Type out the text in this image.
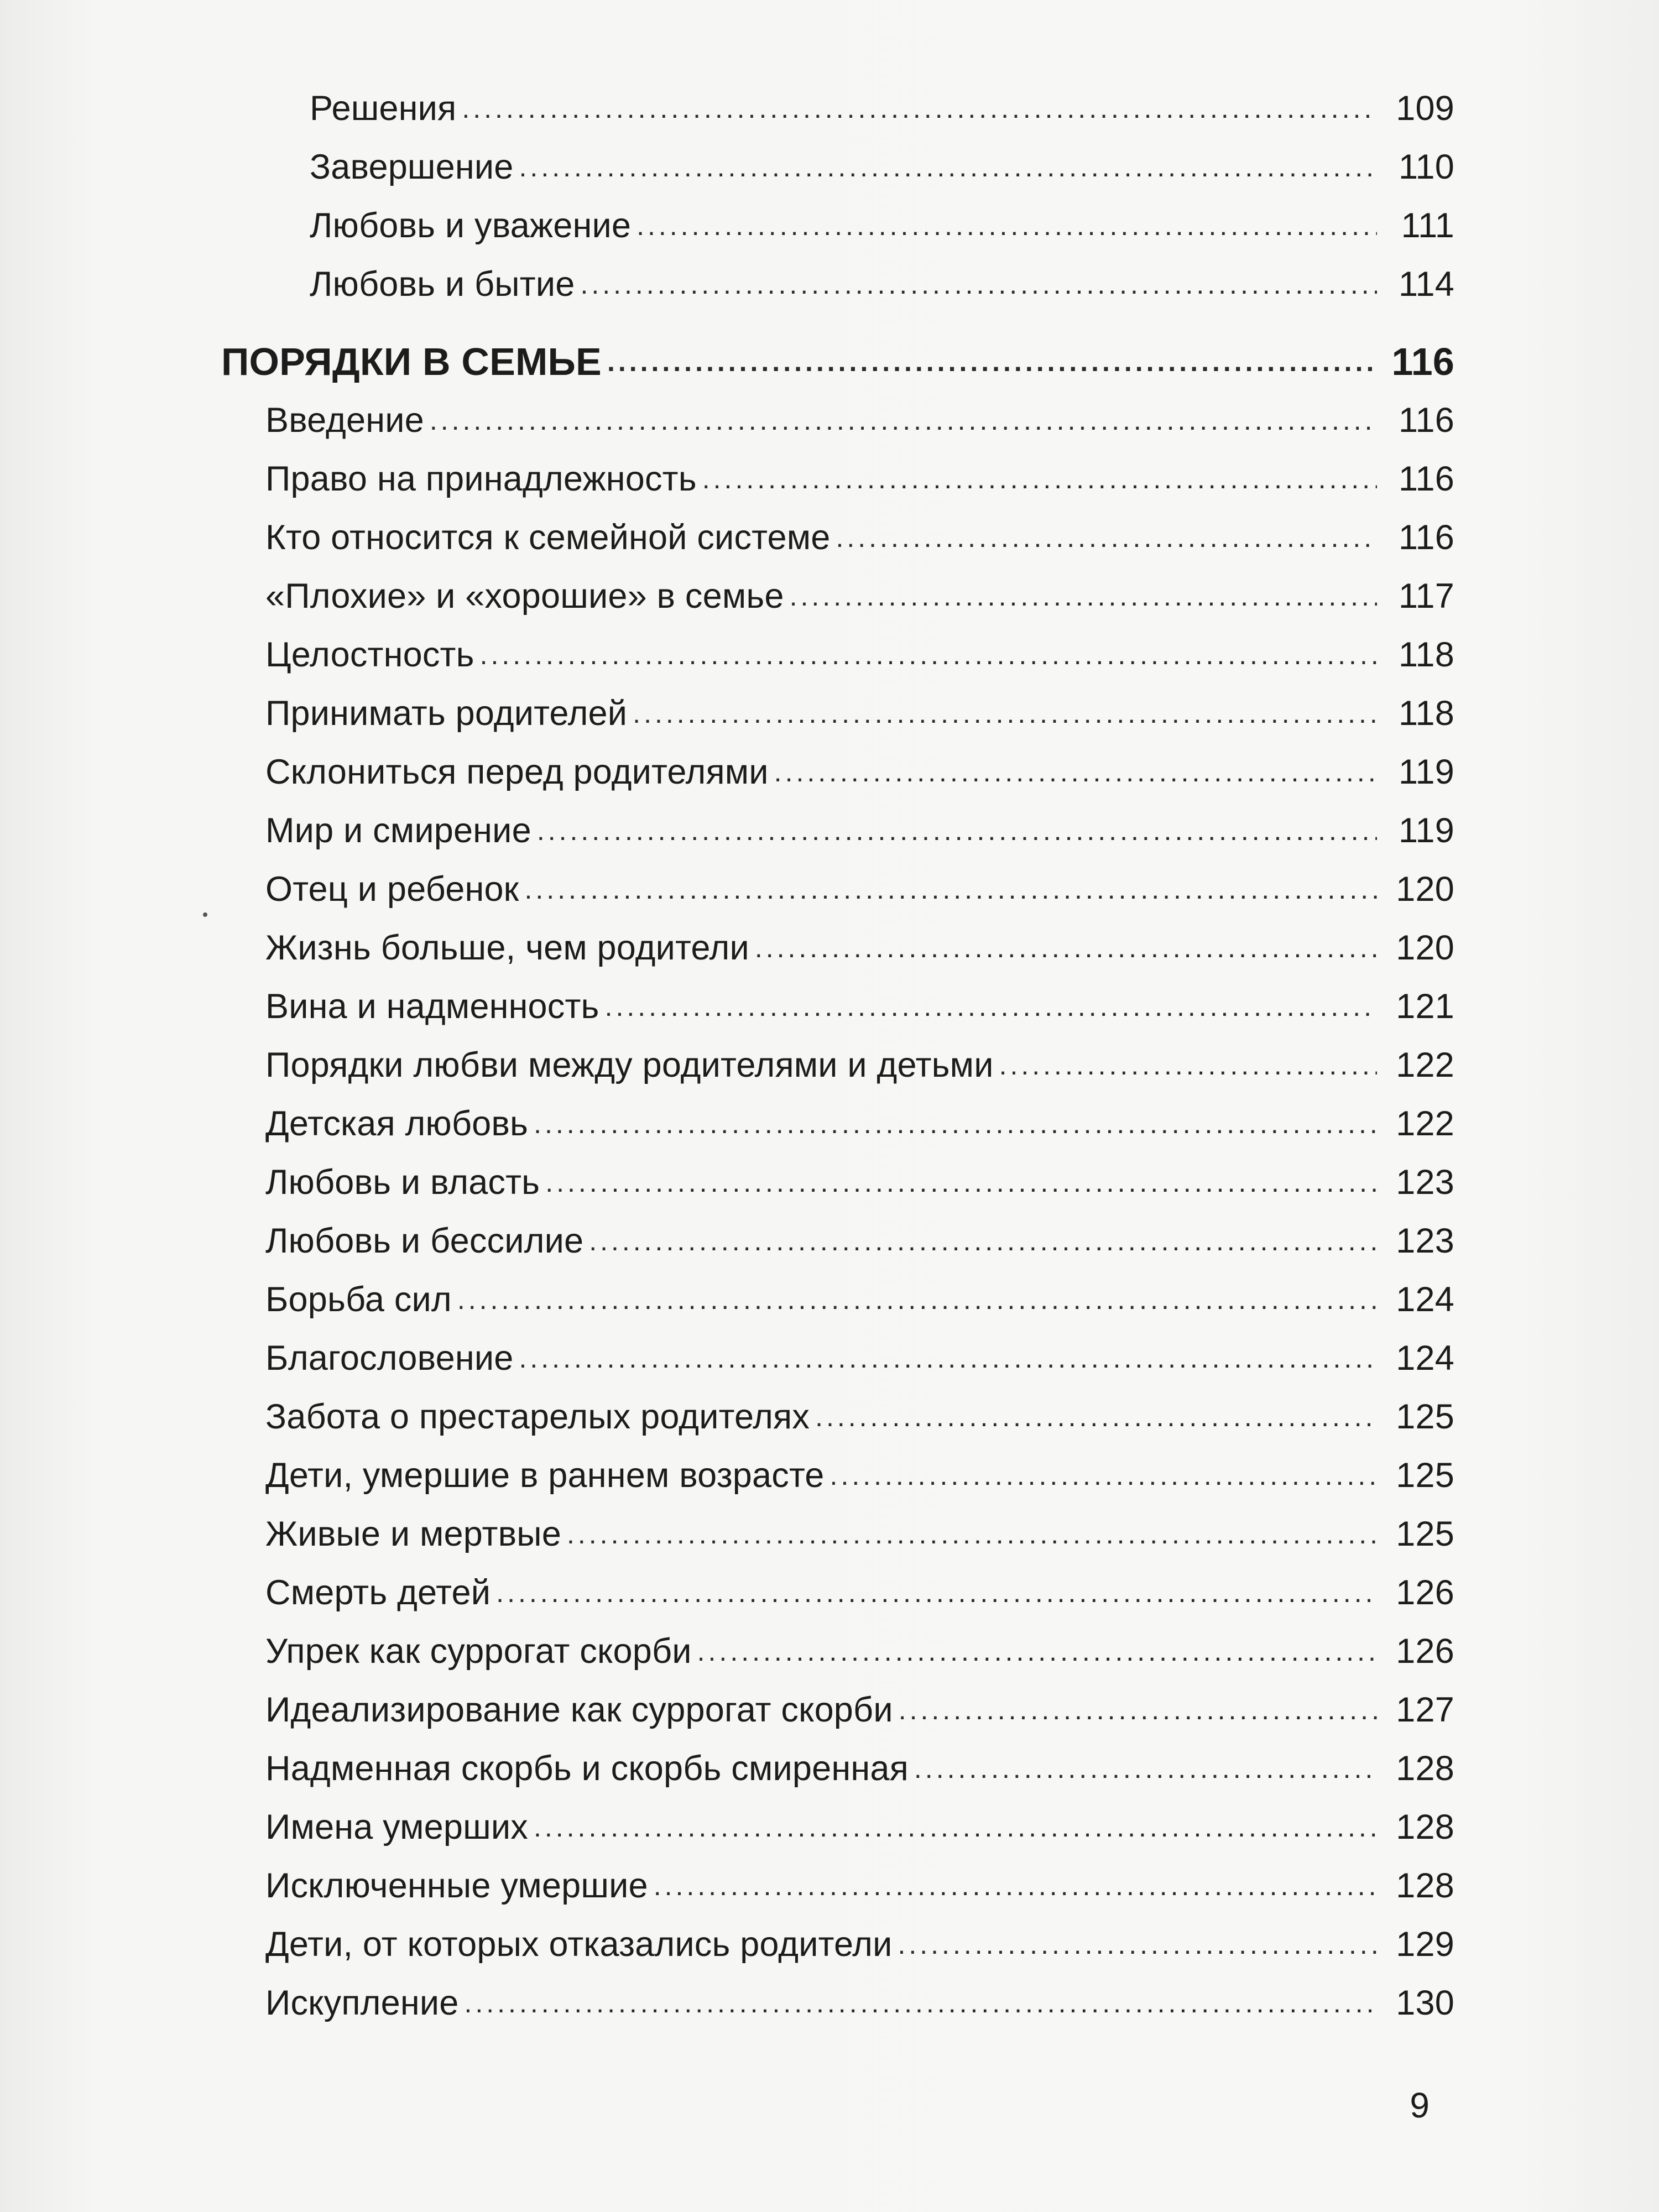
Решения .....	109
Завершение .....	110
Любовь и уважение .....	111
Любовь и бытие .....	114
ПОРЯДКИ В СЕМЬЕ .....	116
Введение .....	116
Право на принадлежность .....	116
Кто относится к семейной системе .....	116
«Плохие» и «хорошие» в семье .....	117
Целостность .....	118
Принимать родителей .....	118
Склониться перед родителями .....	119
Мир и смирение .....	119
Отец и ребенок .....	120
Жизнь больше, чем родители .....	120
Вина и надменность .....	121
Порядки любви между родителями и детьми .....	122
Детская любовь .....	122
Любовь и власть .....	123
Любовь и бессилие .....	123
Борьба сил .....	124
Благословение .....	124
Забота о престарелых родителях .....	125
Дети, умершие в раннем возрасте .....	125
Живые и мертвые .....	125
Смерть детей .....	126
Упрек как суррогат скорби .....	126
Идеализирование как суррогат скорби .....	127
Надменная скорбь и скорбь смиренная .....	128
Имена умерших .....	128
Исключенные умершие .....	128
Дети, от которых отказались родители .....	129
Искупление .....	130
9
